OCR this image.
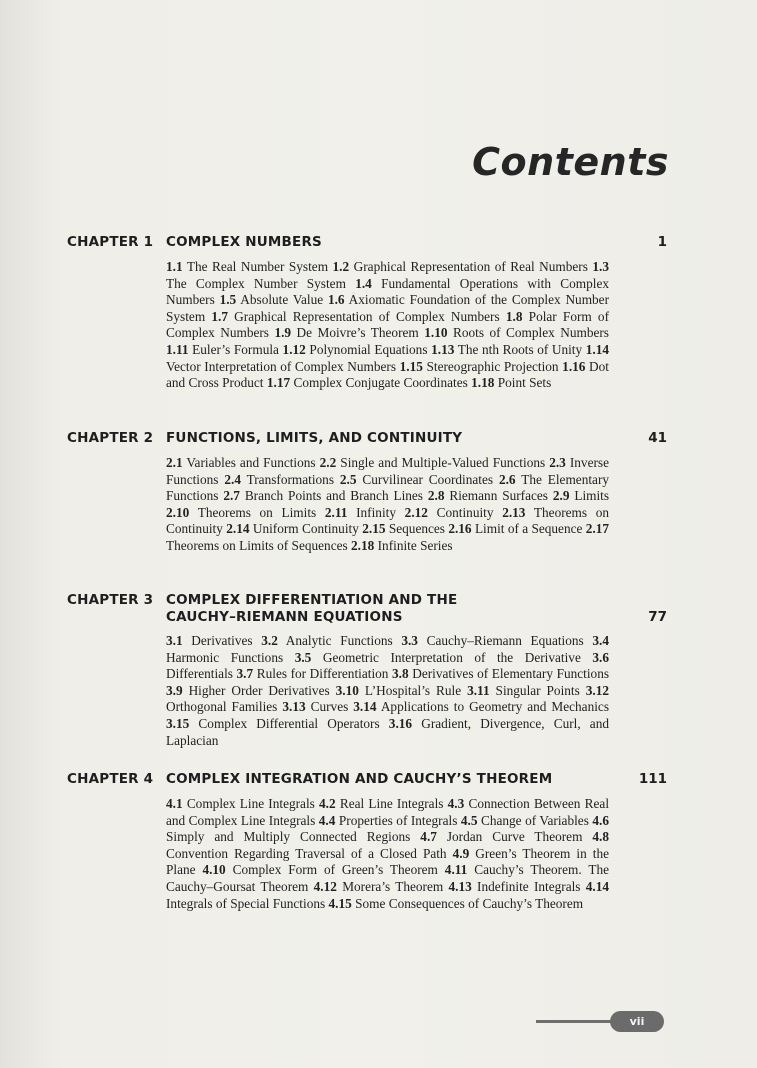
Contents
CHAPTER 1 COMPLEX NUMBERS	1
1.1 The Real Number System 1.2 Graphical Representation of Real Numbers 1.3 The Complex Number System 1.4 Fundamental Operations with Complex Numbers 1.5 Absolute Value 1.6 Axiomatic Foundation of the Complex Number System 1.7 Graphical Representation of Complex Numbers 1.8 Polar Form of Complex Numbers 1.9 De Moivre’s Theorem 1.10 Roots of Complex Numbers 1.11 Euler’s Formula 1.12 Polynomial Equations 1.13 The nth Roots of Unity 1.14 Vector Interpretation of Complex Numbers 1.15 Stereographic Projection 1.16 Dot and Cross Product 1.17 Complex Conjugate Coordinates 1.18 Point Sets
CHAPTER 2 FUNCTIONS, LIMITS, AND CONTINUITY	41
2.1 Variables and Functions 2.2 Single and Multiple-Valued Functions 2.3 Inverse Functions 2.4 Transformations 2.5 Curvilinear Coordinates 2.6 The Elementary Functions 2.7 Branch Points and Branch Lines 2.8 Riemann Surfaces 2.9 Limits 2.10 Theorems on Limits 2.11 Infinity 2.12 Continuity 2.13 Theorems on Continuity 2.14 Uniform Continuity 2.15 Sequences 2.16 Limit of a Sequence 2.17 Theorems on Limits of Sequences 2.18 Infinite Series
CHAPTER 3 COMPLEX DIFFERENTIATION AND THE CAUCHY–RIEMANN EQUATIONS	77
3.1 Derivatives 3.2 Analytic Functions 3.3 Cauchy–Riemann Equations 3.4 Harmonic Functions 3.5 Geometric Interpretation of the Derivative 3.6 Differentials 3.7 Rules for Differentiation 3.8 Derivatives of Elementary Functions 3.9 Higher Order Derivatives 3.10 L’Hospital’s Rule 3.11 Singular Points 3.12 Orthogonal Families 3.13 Curves 3.14 Applications to Geometry and Mechanics 3.15 Complex Differential Operators 3.16 Gradient, Divergence, Curl, and Laplacian
CHAPTER 4 COMPLEX INTEGRATION AND CAUCHY’S THEOREM	111
4.1 Complex Line Integrals 4.2 Real Line Integrals 4.3 Connection Between Real and Complex Line Integrals 4.4 Properties of Integrals 4.5 Change of Variables 4.6 Simply and Multiply Connected Regions 4.7 Jordan Curve Theorem 4.8 Convention Regarding Traversal of a Closed Path 4.9 Green’s Theorem in the Plane 4.10 Complex Form of Green’s Theorem 4.11 Cauchy’s Theorem. The Cauchy–Goursat Theorem 4.12 Morera’s Theorem 4.13 Indefinite Integrals 4.14 Integrals of Special Functions 4.15 Some Consequences of Cauchy’s Theorem
vii
